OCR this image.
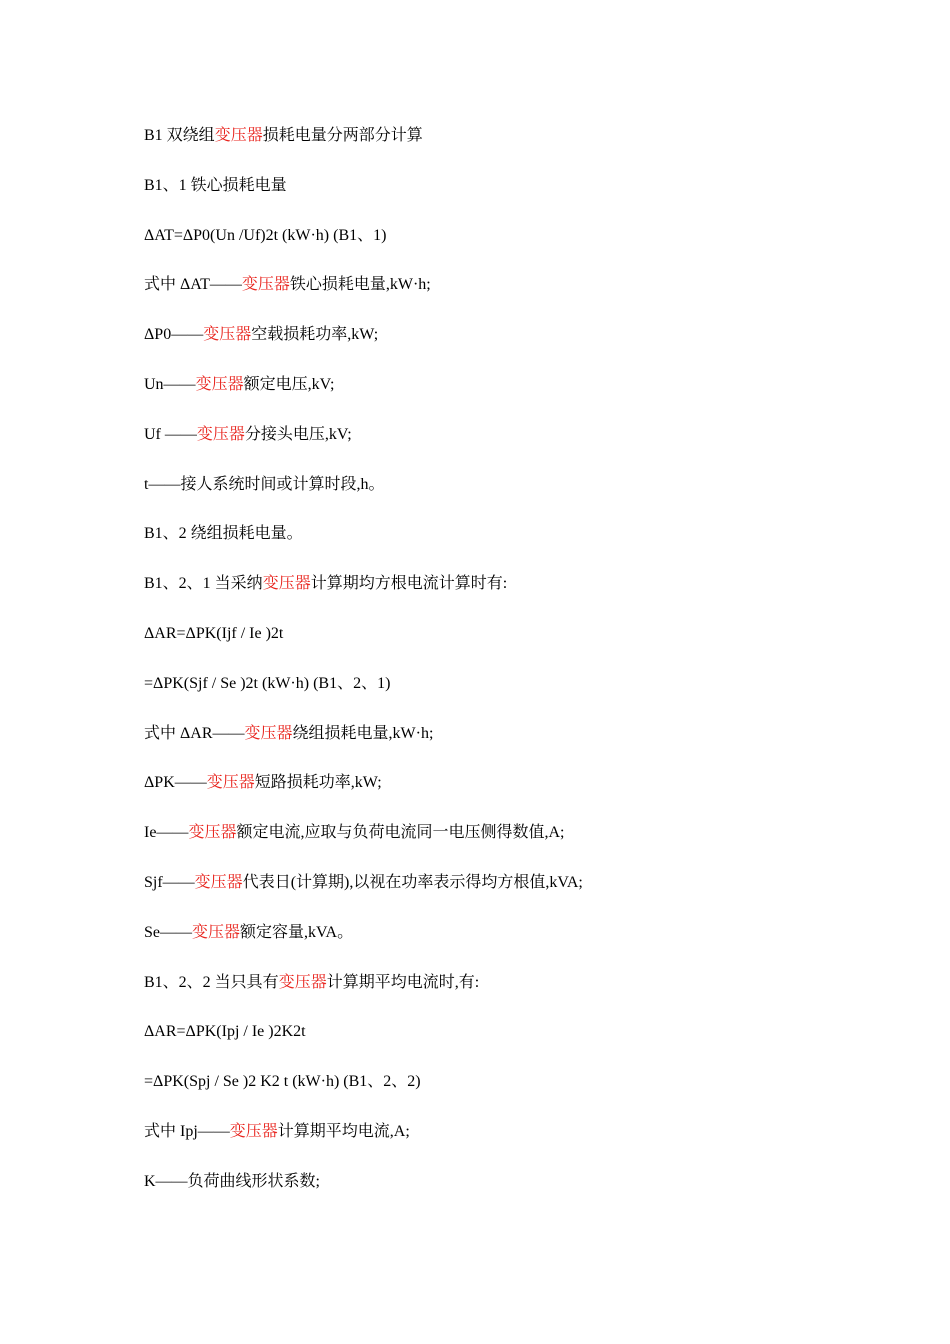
B1 双绕组变压器损耗电量分两部分计算
B1、1 铁心损耗电量
ΔAT=ΔP0(Un /Uf)2t (kW·h) (B1、1)
式中 ΔAT——变压器铁心损耗电量,kW·h;
ΔP0——变压器空载损耗功率,kW;
Un——变压器额定电压,kV;
Uf ——变压器分接头电压,kV;
t——接人系统时间或计算时段,h。
B1、2 绕组损耗电量。
B1、2、1 当采纳变压器计算期均方根电流计算时有:
ΔAR=ΔPK(Ijf / Ie )2t
=ΔPK(Sjf / Se )2t (kW·h) (B1、2、1)
式中 ΔAR——变压器绕组损耗电量,kW·h;
ΔPK——变压器短路损耗功率,kW;
Ie——变压器额定电流,应取与负荷电流同一电压侧得数值,A;
Sjf——变压器代表日(计算期),以视在功率表示得均方根值,kVA;
Se——变压器额定容量,kVA。
B1、2、2 当只具有变压器计算期平均电流时,有:
ΔAR=ΔPK(Ipj / Ie )2K2t
=ΔPK(Spj / Se )2 K2 t (kW·h) (B1、2、2)
式中 Ipj——变压器计算期平均电流,A;
K——负荷曲线形状系数;
